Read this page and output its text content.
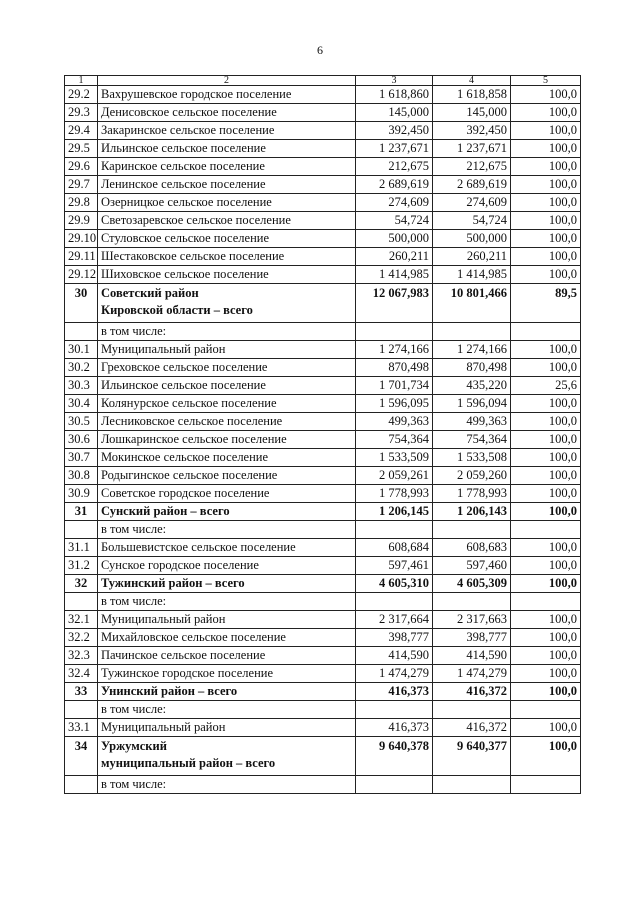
6
1	2	3	4	5
29.2	Вахрушевское городское поселение	1 618,860	1 618,858	100,0
29.3	Денисовское сельское поселение	145,000	145,000	100,0
29.4	Закаринское сельское поселение	392,450	392,450	100,0
29.5	Ильинское сельское поселение	1 237,671	1 237,671	100,0
29.6	Каринское сельское поселение	212,675	212,675	100,0
29.7	Ленинское сельское поселение	2 689,619	2 689,619	100,0
29.8	Озерницкое сельское поселение	274,609	274,609	100,0
29.9	Светозаревское сельское поселение	54,724	54,724	100,0
29.10	Стуловское сельское поселение	500,000	500,000	100,0
29.11	Шестаковское сельское поселение	260,211	260,211	100,0
29.12	Шиховское сельское поселение	1 414,985	1 414,985	100,0
30	Советский район
Кировской области – всего	12 067,983	10 801,466	89,5
	в том числе:			
30.1	Муниципальный район	1 274,166	1 274,166	100,0
30.2	Греховское сельское поселение	870,498	870,498	100,0
30.3	Ильинское сельское поселение	1 701,734	435,220	25,6
30.4	Колянурское сельское поселение	1 596,095	1 596,094	100,0
30.5	Лесниковское сельское поселение	499,363	499,363	100,0
30.6	Лошкаринское сельское поселение	754,364	754,364	100,0
30.7	Мокинское сельское поселение	1 533,509	1 533,508	100,0
30.8	Родыгинское сельское поселение	2 059,261	2 059,260	100,0
30.9	Советское городское поселение	1 778,993	1 778,993	100,0
31	Сунский район – всего	1 206,145	1 206,143	100,0
	в том числе:			
31.1	Большевистское сельское поселение	608,684	608,683	100,0
31.2	Сунское городское поселение	597,461	597,460	100,0
32	Тужинский район – всего	4 605,310	4 605,309	100,0
	в том числе:			
32.1	Муниципальный район	2 317,664	2 317,663	100,0
32.2	Михайловское сельское поселение	398,777	398,777	100,0
32.3	Пачинское сельское поселение	414,590	414,590	100,0
32.4	Тужинское городское поселение	1 474,279	1 474,279	100,0
33	Унинский район – всего	416,373	416,372	100,0
	в том числе:			
33.1	Муниципальный район	416,373	416,372	100,0
34	Уржумский
муниципальный район – всего	9 640,378	9 640,377	100,0
	в том числе:			
